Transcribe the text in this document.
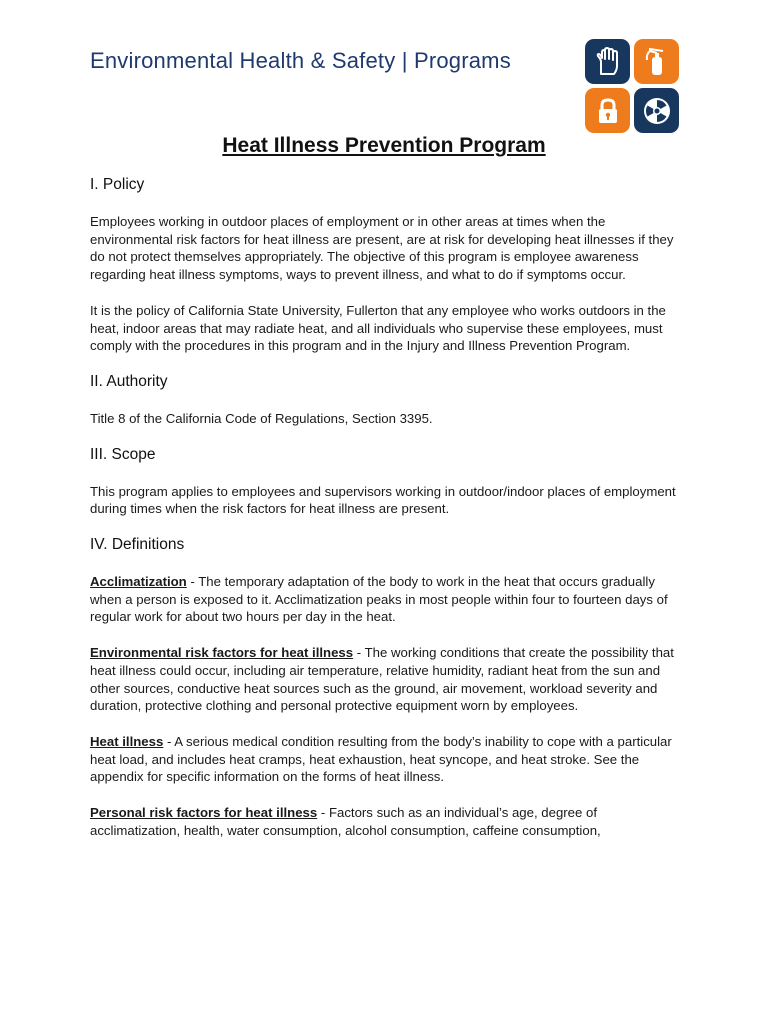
Environmental Health & Safety | Programs
Heat Illness Prevention Program
I. Policy

Employees working in outdoor places of employment or in other areas at times when the environmental risk factors for heat illness are present, are at risk for developing heat illnesses if they do not protect themselves appropriately. The objective of this program is employee awareness regarding heat illness symptoms, ways to prevent illness, and what to do if symptoms occur.

It is the policy of California State University, Fullerton that any employee who works outdoors in the heat, indoor areas that may radiate heat, and all individuals who supervise these employees, must comply with the procedures in this program and in the Injury and Illness Prevention Program.

II. Authority

Title 8 of the California Code of Regulations, Section 3395.

III. Scope

This program applies to employees and supervisors working in outdoor/indoor places of employment during times when the risk factors for heat illness are present.

IV. Definitions

Acclimatization - The temporary adaptation of the body to work in the heat that occurs gradually when a person is exposed to it. Acclimatization peaks in most people within four to fourteen days of regular work for about two hours per day in the heat.

Environmental risk factors for heat illness - The working conditions that create the possibility that heat illness could occur, including air temperature, relative humidity, radiant heat from the sun and other sources, conductive heat sources such as the ground, air movement, workload severity and duration, protective clothing and personal protective equipment worn by employees.

Heat illness - A serious medical condition resulting from the body’s inability to cope with a particular heat load, and includes heat cramps, heat exhaustion, heat syncope, and heat stroke. See the appendix for specific information on the forms of heat illness.

Personal risk factors for heat illness - Factors such as an individual’s age, degree of acclimatization, health, water consumption, alcohol consumption, caffeine consumption,
